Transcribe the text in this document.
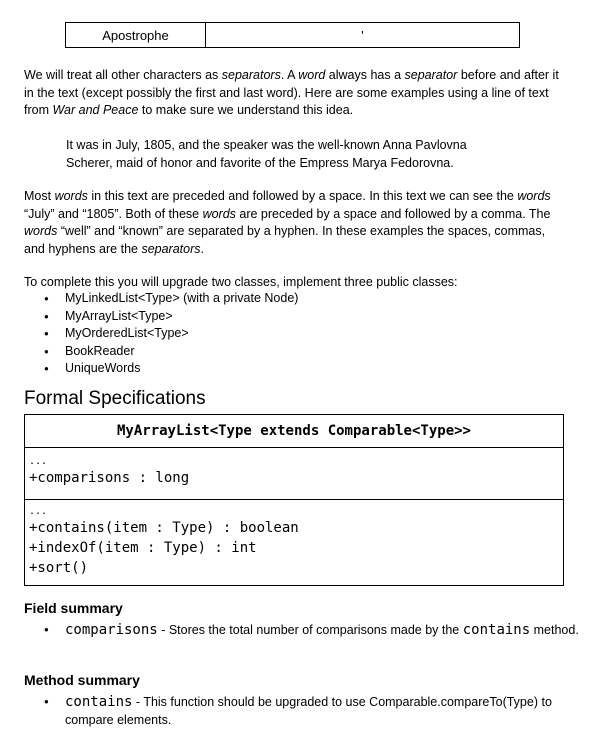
Apostrophe	'

We will treat all other characters as separators. A word always has a separator before and after it in the text (except possibly the first and last word). Here are some examples using a line of text from War and Peace to make sure we understand this idea.

It was in July, 1805, and the speaker was the well-known Anna Pavlovna Scherer, maid of honor and favorite of the Empress Marya Fedorovna.

Most words in this text are preceded and followed by a space. In this text we can see the words “July” and “1805”. Both of these words are preceded by a space and followed by a comma. The words “well” and “known” are separated by a hyphen. In these examples the spaces, commas, and hyphens are the separators.

To complete this you will upgrade two classes, implement three public classes:

● MyLinkedList<Type> (with a private Node)
● MyArrayList<Type>
● MyOrderedList<Type>
● BookReader
● UniqueWords
Formal Specifications
MyArrayList<Type extends Comparable<Type>>
...
+comparisons : long
...
+contains(item : Type) : boolean
+indexOf(item : Type) : int
+sort()
Field summary

● comparisons - Stores the total number of comparisons made by the contains method.

Method summary

● contains - This function should be upgraded to use Comparable.compareTo(Type) to compare elements.
